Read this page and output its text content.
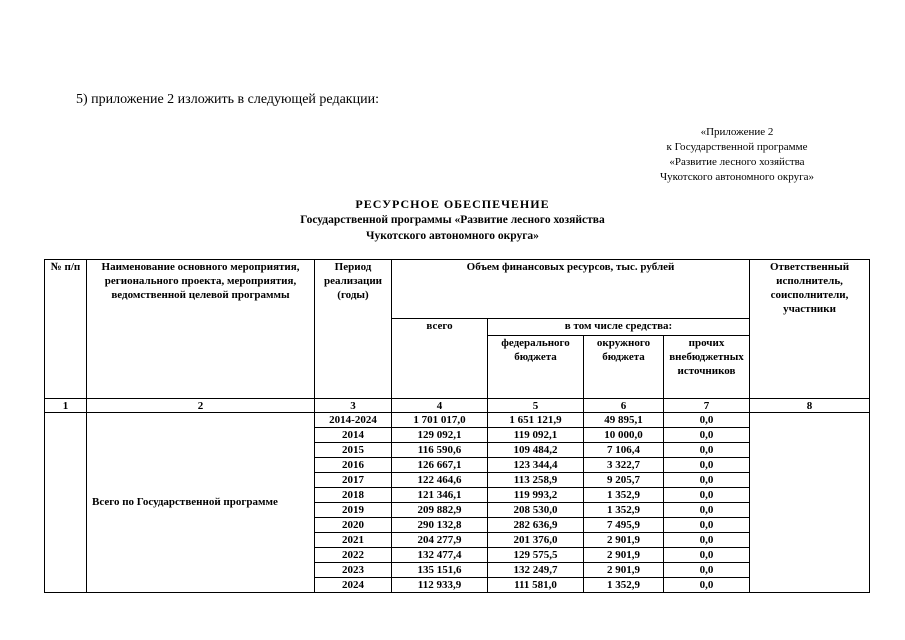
5) приложение 2 изложить в следующей редакции:
«Приложение 2
к Государственной программе
«Развитие лесного хозяйства
Чукотского автономного округа»
РЕСУРСНОЕ ОБЕСПЕЧЕНИЕ
Государственной программы «Развитие лесного хозяйства
Чукотского автономного округа»
№ п/п	Наименование основного мероприятия, регионального проекта, мероприятия, ведомственной целевой программы	Период реализации (годы)	Объем финансовых ресурсов, тыс. рублей				Ответственный исполнитель, соисполнители, участники
			всего	в том числе средства:			
				федерального бюджета	окружного бюджета	прочих внебюджетных источников	
1	2	3	4	5	6	7	8
	Всего по Государственной программе	2014-2024	1 701 017,0	1 651 121,9	49 895,1	0,0	
		2014	129 092,1	119 092,1	10 000,0	0,0	
		2015	116 590,6	109 484,2	7 106,4	0,0	
		2016	126 667,1	123 344,4	3 322,7	0,0	
		2017	122 464,6	113 258,9	9 205,7	0,0	
		2018	121 346,1	119 993,2	1 352,9	0,0	
		2019	209 882,9	208 530,0	1 352,9	0,0	
		2020	290 132,8	282 636,9	7 495,9	0,0	
		2021	204 277,9	201 376,0	2 901,9	0,0	
		2022	132 477,4	129 575,5	2 901,9	0,0	
		2023	135 151,6	132 249,7	2 901,9	0,0	
		2024	112 933,9	111 581,0	1 352,9	0,0	
